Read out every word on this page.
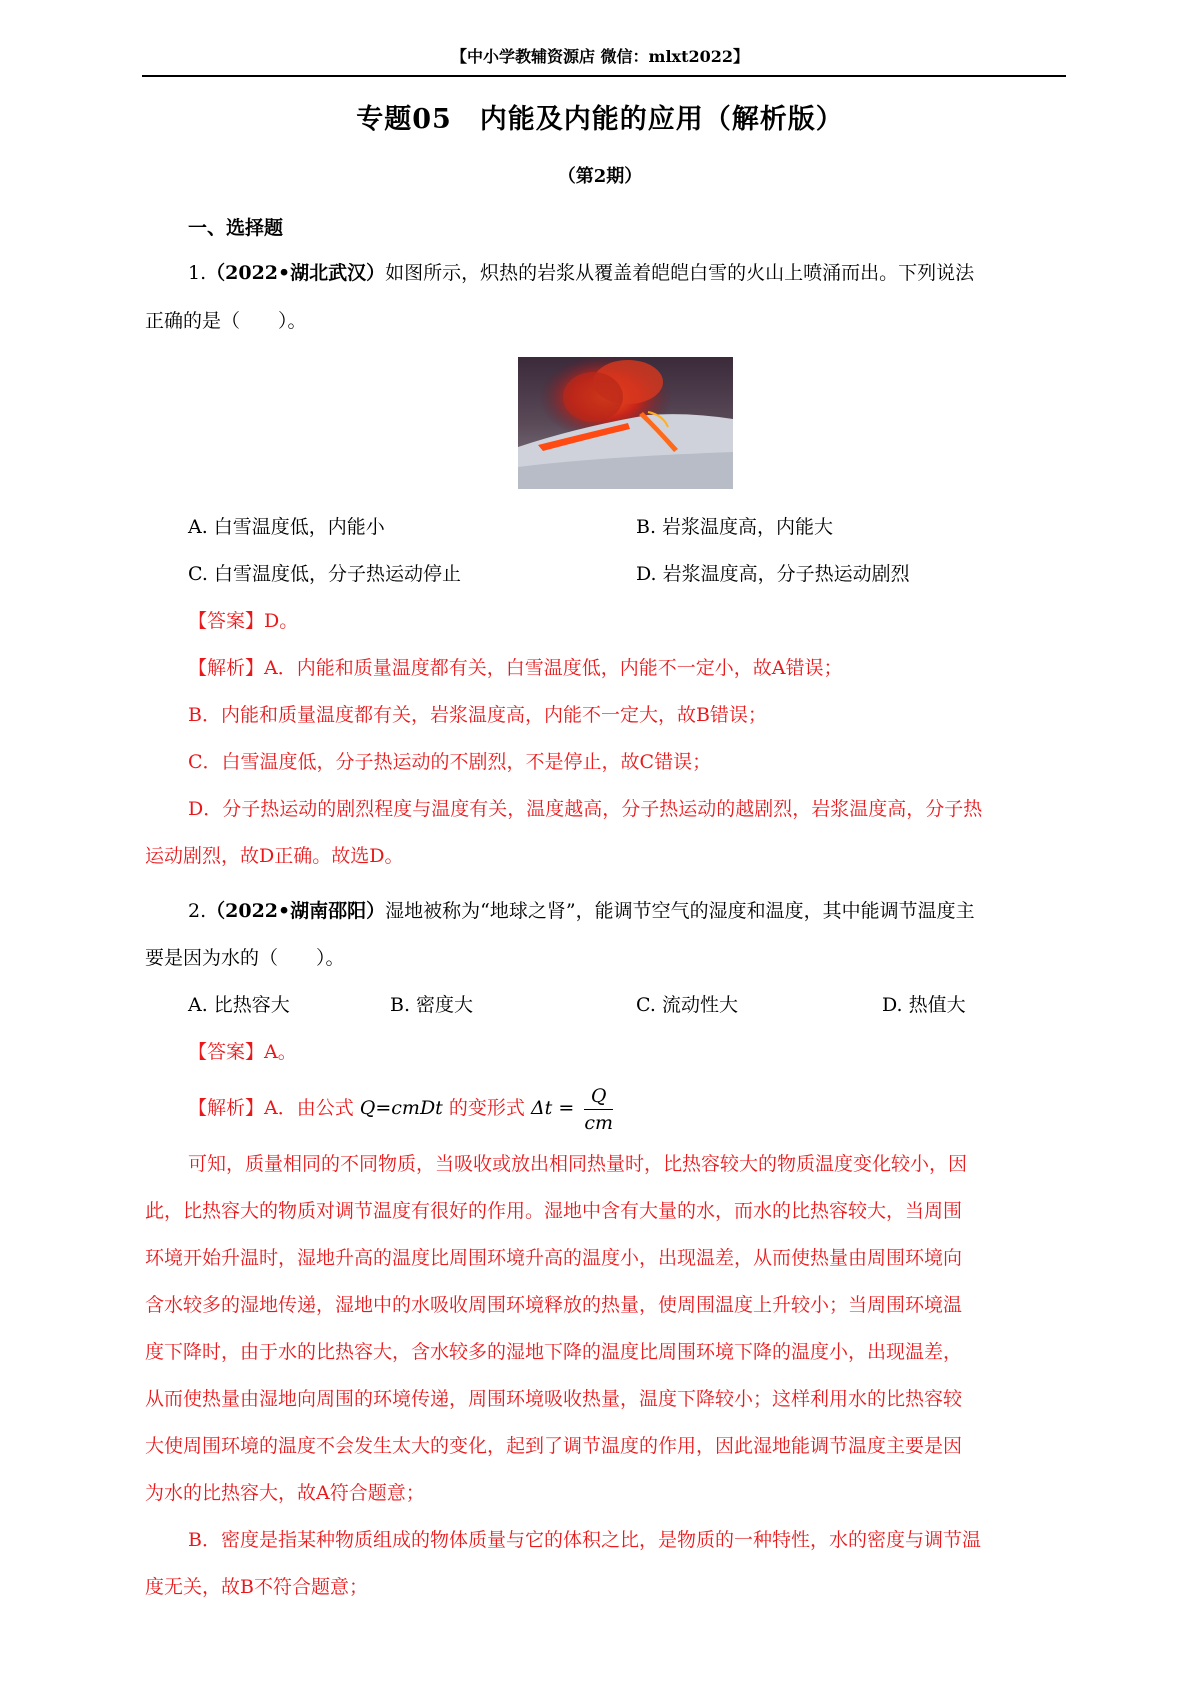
【中小学教辅资源店 微信：mlxt2022】
专题05　内能及内能的应用（解析版）
（第2期）
一、选择题
1.（2022•湖北武汉）如图所示，炽热的岩浆从覆盖着皑皑白雪的火山上喷涌而出。下列说法
正确的是（　　）。
A. 白雪温度低，内能小	B. 岩浆温度高，内能大
C. 白雪温度低，分子热运动停止	D. 岩浆温度高，分子热运动剧烈
【答案】D。
【解析】A．内能和质量温度都有关，白雪温度低，内能不一定小，故A错误；
B．内能和质量温度都有关，岩浆温度高，内能不一定大，故B错误；
C．白雪温度低，分子热运动的不剧烈，不是停止，故C错误；
D．分子热运动的剧烈程度与温度有关，温度越高，分子热运动的越剧烈，岩浆温度高，分子热
运动剧烈，故D正确。故选D。
2.（2022•湖南邵阳）湿地被称为“地球之肾”，能调节空气的湿度和温度，其中能调节温度主
要是因为水的（　　）。
A. 比热容大	B. 密度大	C. 流动性大	D. 热值大
【答案】A。
【解析】A．由公式 Q=cmDt 的变形式 $\Delta t = \frac{Q}{cm}$
可知，质量相同的不同物质，当吸收或放出相同热量时，比热容较大的物质温度变化较小，因
此，比热容大的物质对调节温度有很好的作用。湿地中含有大量的水，而水的比热容较大，当周围
环境开始升温时，湿地升高的温度比周围环境升高的温度小，出现温差，从而使热量由周围环境向
含水较多的湿地传递，湿地中的水吸收周围环境释放的热量，使周围温度上升较小；当周围环境温
度下降时，由于水的比热容大，含水较多的湿地下降的温度比周围环境下降的温度小，出现温差，
从而使热量由湿地向周围的环境传递，周围环境吸收热量，温度下降较小；这样利用水的比热容较
大使周围环境的温度不会发生太大的变化，起到了调节温度的作用，因此湿地能调节温度主要是因
为水的比热容大，故A符合题意；
B．密度是指某种物质组成的物体质量与它的体积之比，是物质的一种特性，水的密度与调节温
度无关，故B不符合题意；
